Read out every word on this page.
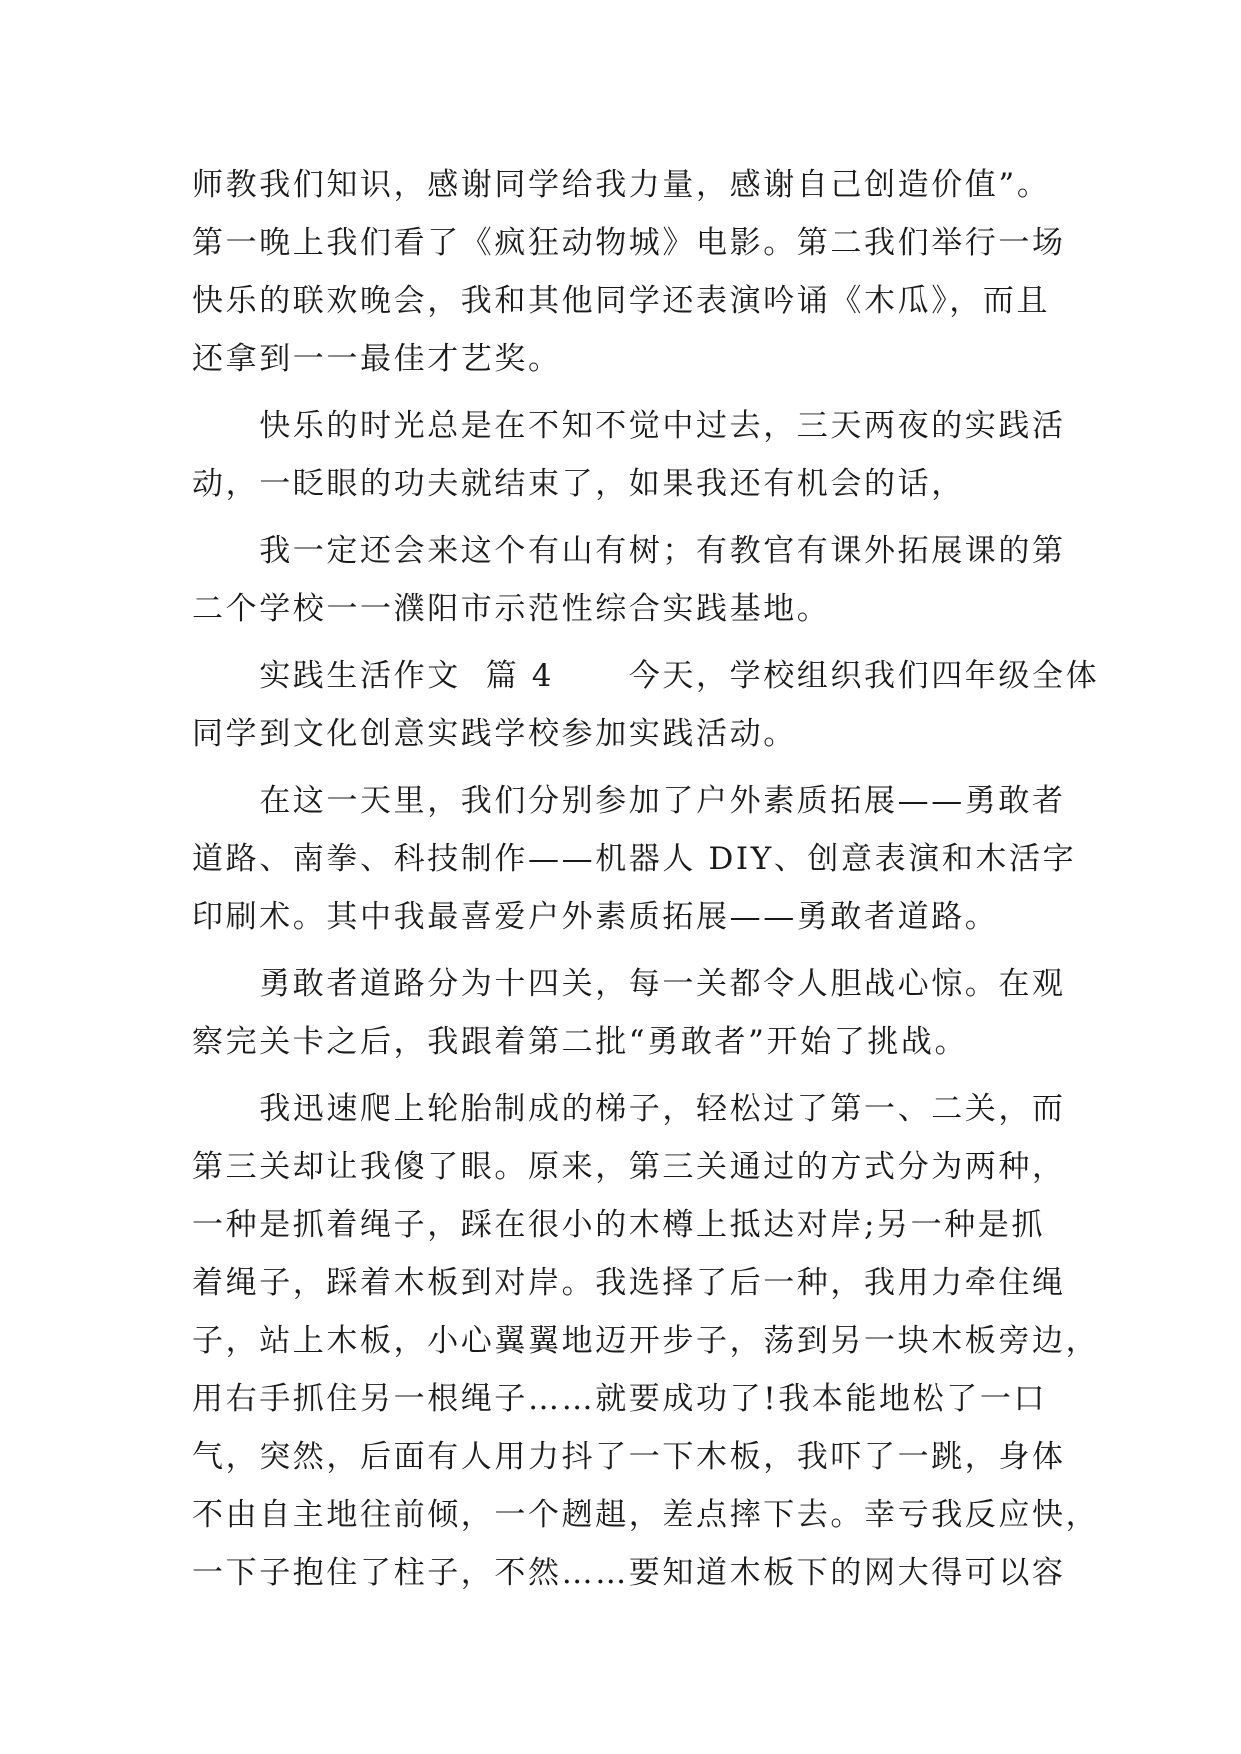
师教我们知识，感谢同学给我力量，感谢自己创造价值”。
第一晚上我们看了《疯狂动物城》电影。第二我们举行一场
快乐的联欢晚会，我和其他同学还表演吟诵《木瓜》，而且
还拿到一一最佳才艺奖。
　　快乐的时光总是在不知不觉中过去，三天两夜的实践活
动，一眨眼的功夫就结束了，如果我还有机会的话，
　　我一定还会来这个有山有树；有教官有课外拓展课的第
二个学校一一濮阳市示范性综合实践基地。
　　实践生活作文  篇 4      今天，学校组织我们四年级全体
同学到文化创意实践学校参加实践活动。
　　在这一天里，我们分别参加了户外素质拓展——勇敢者
道路、南拳、科技制作——机器人 DIY、创意表演和木活字
印刷术。其中我最喜爱户外素质拓展——勇敢者道路。
　　勇敢者道路分为十四关，每一关都令人胆战心惊。在观
察完关卡之后，我跟着第二批“勇敢者”开始了挑战。
　　我迅速爬上轮胎制成的梯子，轻松过了第一、二关，而
第三关却让我傻了眼。原来，第三关通过的方式分为两种，
一种是抓着绳子，踩在很小的木樽上抵达对岸;另一种是抓
着绳子，踩着木板到对岸。我选择了后一种，我用力牵住绳
子，站上木板，小心翼翼地迈开步子，荡到另一块木板旁边，
用右手抓住另一根绳子……就要成功了!我本能地松了一口
气，突然，后面有人用力抖了一下木板，我吓了一跳，身体
不由自主地往前倾，一个趔趄，差点摔下去。幸亏我反应快，
一下子抱住了柱子，不然……要知道木板下的网大得可以容
